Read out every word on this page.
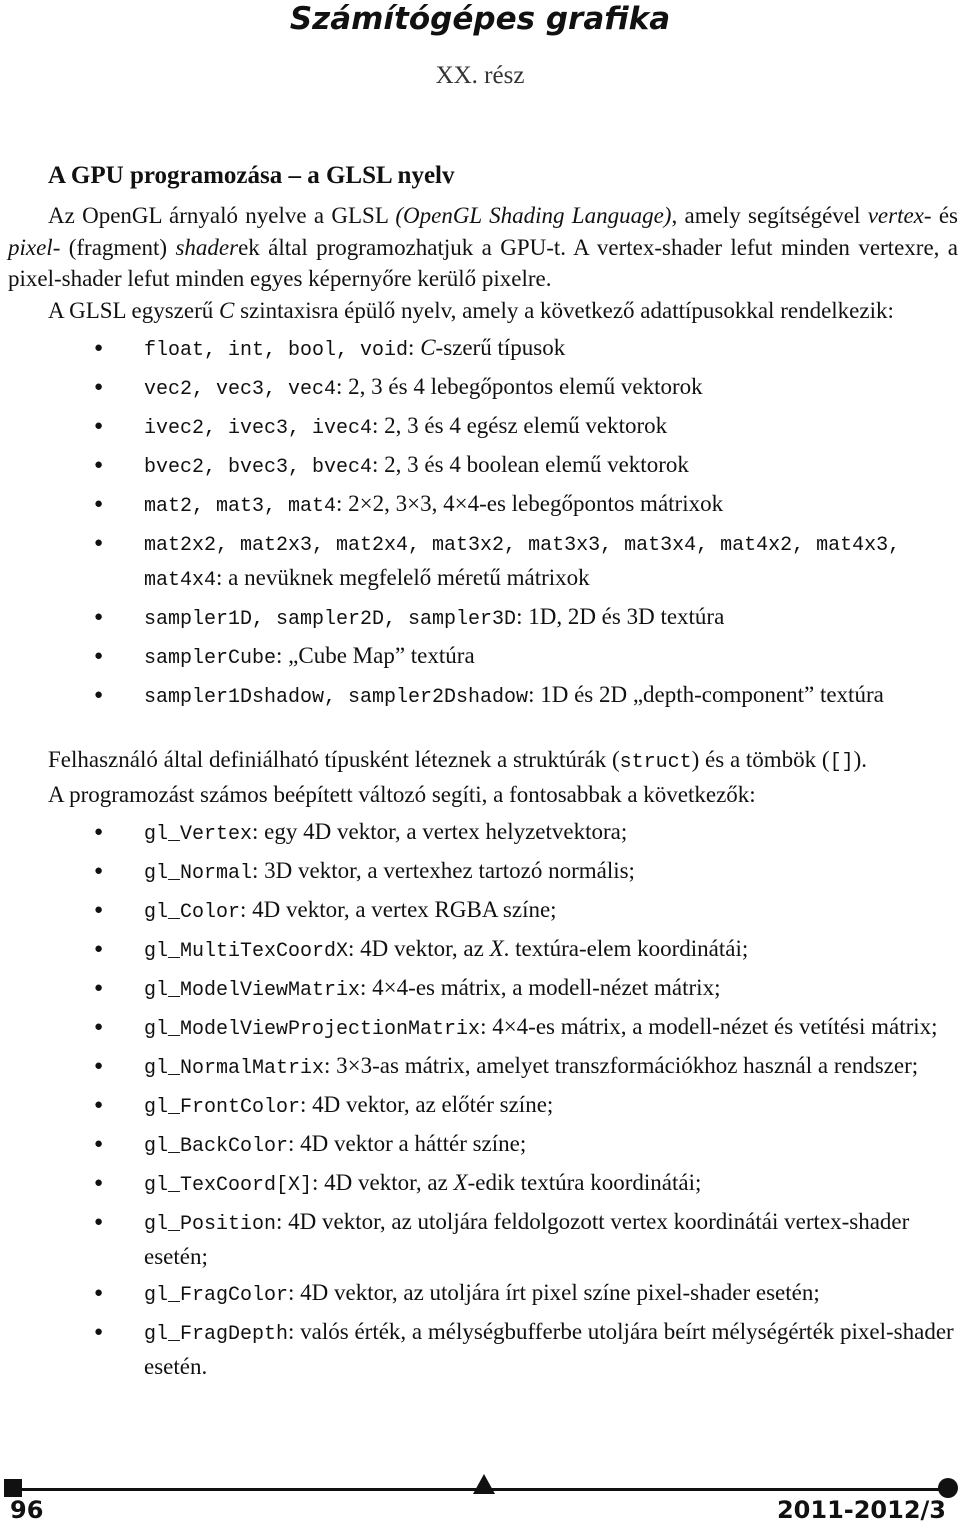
Számítógépes grafika
XX. rész
A GPU programozása – a GLSL nyelv

Az OpenGL árnyaló nyelve a GLSL (OpenGL Shading Language), amely segítségével vertex- és pixel- (fragment) shaderek által programozhatjuk a GPU-t. A vertex-shader lefut minden vertexre, a pixel-shader lefut minden egyes képernyőre kerülő pixelre.

A GLSL egyszerű C szintaxisra épülő nyelv, amely a következő adattípusokkal rendelkezik:

● float, int, bool, void: C-szerű típusok
● vec2, vec3, vec4: 2, 3 és 4 lebegőpontos elemű vektorok
● ivec2, ivec3, ivec4: 2, 3 és 4 egész elemű vektorok
● bvec2, bvec3, bvec4: 2, 3 és 4 boolean elemű vektorok
● mat2, mat3, mat4: 2×2, 3×3, 4×4-es lebegőpontos mátrixok
● mat2x2, mat2x3, mat2x4, mat3x2, mat3x3, mat3x4, mat4x2, mat4x3, mat4x4: a nevüknek megfelelő méretű mátrixok
● sampler1D, sampler2D, sampler3D: 1D, 2D és 3D textúra
● samplerCube: „Cube Map” textúra
● sampler1Dshadow, sampler2Dshadow: 1D és 2D „depth-component” textúra

Felhasználó által definiálható típusként léteznek a struktúrák (struct) és a tömbök ([]).

A programozást számos beépített változó segíti, a fontosabbak a következők:

● gl_Vertex: egy 4D vektor, a vertex helyzetvektora;
● gl_Normal: 3D vektor, a vertexhez tartozó normális;
● gl_Color: 4D vektor, a vertex RGBA színe;
● gl_MultiTexCoordX: 4D vektor, az X. textúra-elem koordinátái;
● gl_ModelViewMatrix: 4×4-es mátrix, a modell-nézet mátrix;
● gl_ModelViewProjectionMatrix: 4×4-es mátrix, a modell-nézet és vetítési mátrix;
● gl_NormalMatrix: 3×3-as mátrix, amelyet transzformációkhoz használ a rendszer;
● gl_FrontColor: 4D vektor, az előtér színe;
● gl_BackColor: 4D vektor a háttér színe;
● gl_TexCoord[X]: 4D vektor, az X-edik textúra koordinátái;
● gl_Position: 4D vektor, az utoljára feldolgozott vertex koordinátái vertex-shader esetén;
● gl_FragColor: 4D vektor, az utoljára írt pixel színe pixel-shader esetén;
● gl_FragDepth: valós érték, a mélységbufferbe utoljára beírt mélységérték pixel-shader esetén.
96	2011-2012/3
